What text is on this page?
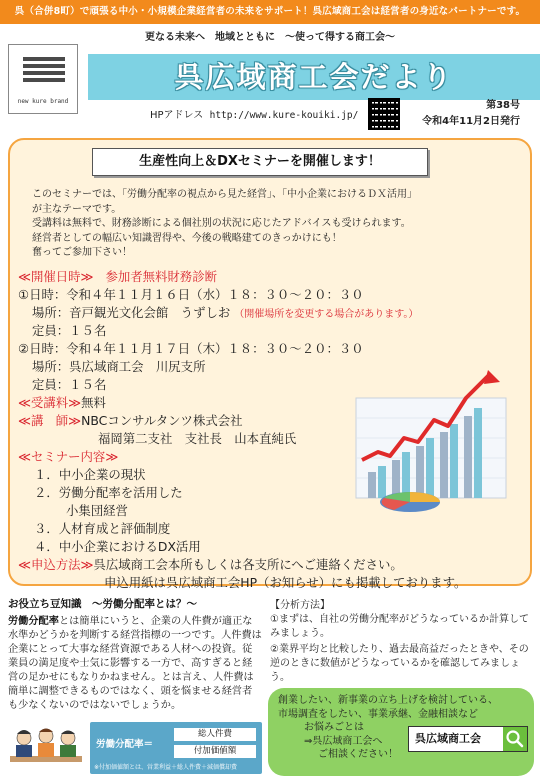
呉（合併8町）で頑張る中小・小規模企業経営者の未来をサポート！呉広域商工会は経営者の身近なパートナーです。
更なる未来へ　地域とともに　～使って得する商工会～
呉広域商工会だより
new kure brand
HPアドレス http://www.kure-kouiki.jp/
第38号
令和4年11月2日発行
生産性向上＆DXセミナーを開催します！

このセミナーでは、「労働分配率の視点から見た経営」、「中小企業におけるＤＸ活用」

が主なテーマです。

受講料は無料で、財務診断による個社別の状況に応じたアドバイスも受けられます。

経営者としての幅広い知識習得や、今後の戦略建てのきっかけにも！

奮ってご参加下さい！

≪開催日時≫ 参加者無料財務診断
①日時：令和４年１１月１６日（水）１８：３０～２０：３０
場所：音戸観光文化会館　うずしお （開催場所を変更する場合があります。）
定員：１５名
②日時：令和４年１１月１７日（木）１８：３０～２０：３０
場所：呉広域商工会　川尻支所
定員：１５名
≪受講料≫無料
≪講　師≫NBCコンサルタンツ株式会社
福岡第二支社　支社長　山本直純氏
≪セミナー内容≫
１．中小企業の現状
２．労働分配率を活用した
小集団経営
３．人材育成と評価制度
４．中小企業におけるDX活用
≪申込方法≫呉広域商工会本所もしくは各支所にへご連絡ください。
申込用紙は呉広域商工会HP（お知らせ）にも掲載しております。
お役立ち豆知識　～労働分配率とは？～
労働分配率とは簡単にいうと、企業の人件費が適正な水準かどうかを判断する経営指標の一つです。人件費は企業にとって大事な経営資源である人材への投資。従業員の満足度や士気に影響する一方で、高すぎると経営の足かせにもなりかねません。とは言え、人件費は簡単に調整できるものではなく、頭を悩ませる経営者も少なくないのではないでしょうか。
労働分配率＝
総人件費
付加価値額
※付加価値額とは、営業利益＋総人件費＋減価償却費
【分析方法】
①まずは、自社の労働分配率がどうなっているか計算してみましょう。
②業界平均と比較したり、過去最高益だったときや、その逆のときに数値がどうなっているかを確認してみましょう。
創業したい、新事業の立ち上げを検討している、
市場調査をしたい、事業承継、金融相談など
お悩みごとは
⇒呉広域商工会へ
ご相談ください！
呉広域商工会
